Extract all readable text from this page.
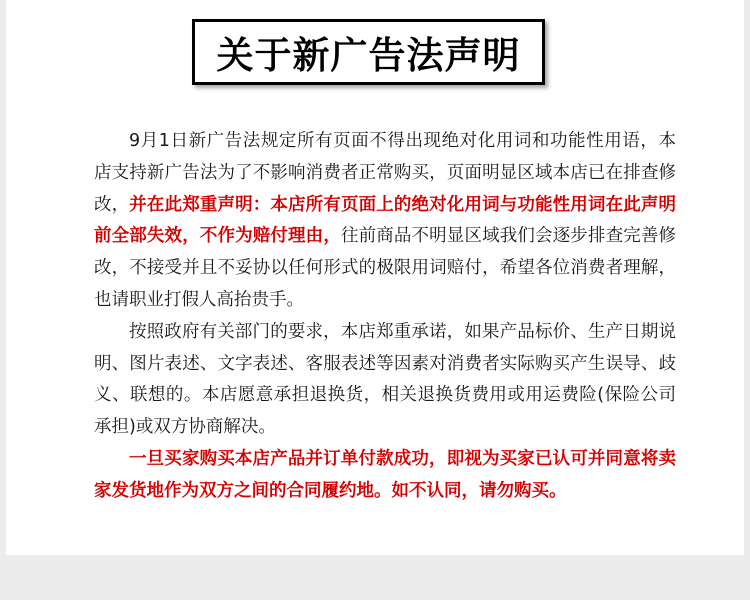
关于新广告法声明

9月1日新广告法规定所有页面不得出现绝对化用词和功能性用语，本店支持新广告法为了不影响消费者正常购买，页面明显区域本店已在排查修改，并在此郑重声明：本店所有页面上的绝对化用词与功能性用词在此声明前全部失效，不作为赔付理由，往前商品不明显区域我们会逐步排查完善修改，不接受并且不妥协以任何形式的极限用词赔付，希望各位消费者理解，也请职业打假人高抬贵手。

按照政府有关部门的要求，本店郑重承诺，如果产品标价、生产日期说明、图片表述、文字表述、客服表述等因素对消费者实际购买产生误导、歧义、联想的。本店愿意承担退换货，相关退换货费用或用运费险(保险公司承担)或双方协商解决。

一旦买家购买本店产品并订单付款成功，即视为买家已认可并同意将卖家发货地作为双方之间的合同履约地。如不认同，请勿购买。
